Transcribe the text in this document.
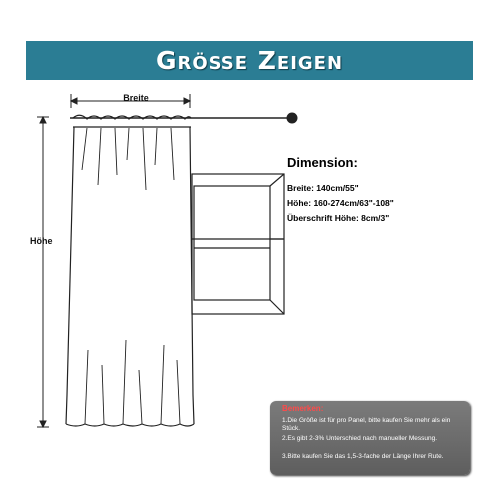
Größe Zeigen
Breite
Höhe
Dimension:
Breite: 140cm/55"
Höhe: 160-274cm/63"-108"
Überschrift Höhe: 8cm/3"
Bemerken:
1.Die Größe ist für pro Panel, bitte kaufen Sie mehr als ein Stück.
2.Es gibt 2-3% Unterschied nach manueller Messung.
3.Bitte kaufen Sie das 1,5-3-fache der Länge Ihrer Rute.
